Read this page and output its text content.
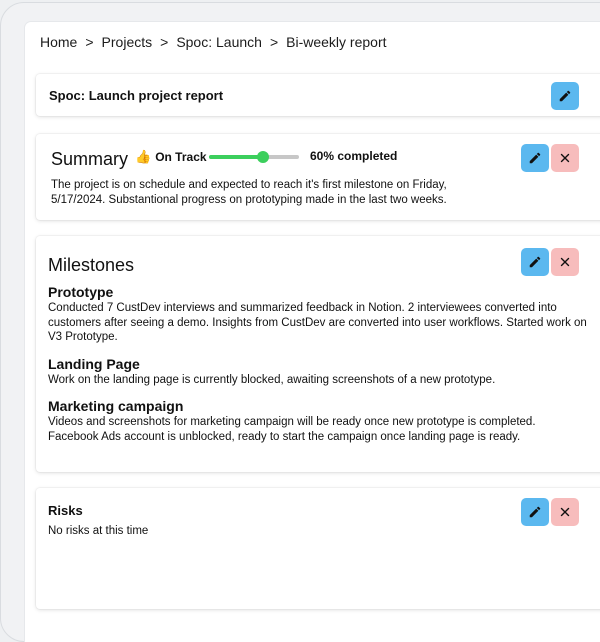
Home > Projects > Spoc: Launch > Bi-weekly report
Spoc: Launch project report
Summary 👍 On Track	60% completed
The project is on schedule and expected to reach it's first milestone on Friday, 5/17/2024. Substantional progress on prototyping made in the last two weeks.
Milestones

Prototype

Conducted 7 CustDev interviews and summarized feedback in Notion. 2 interviewees converted into customers after seeing a demo. Insights from CustDev are converted into user workflows. Started work on V3 Prototype.

Landing Page

Work on the landing page is currently blocked, awaiting screenshots of a new prototype.

Marketing campaign

Videos and screenshots for marketing campaign will be ready once new prototype is completed. Facebook Ads account is unblocked, ready to start the campaign once landing page is ready.

Risks
No risks at this time
